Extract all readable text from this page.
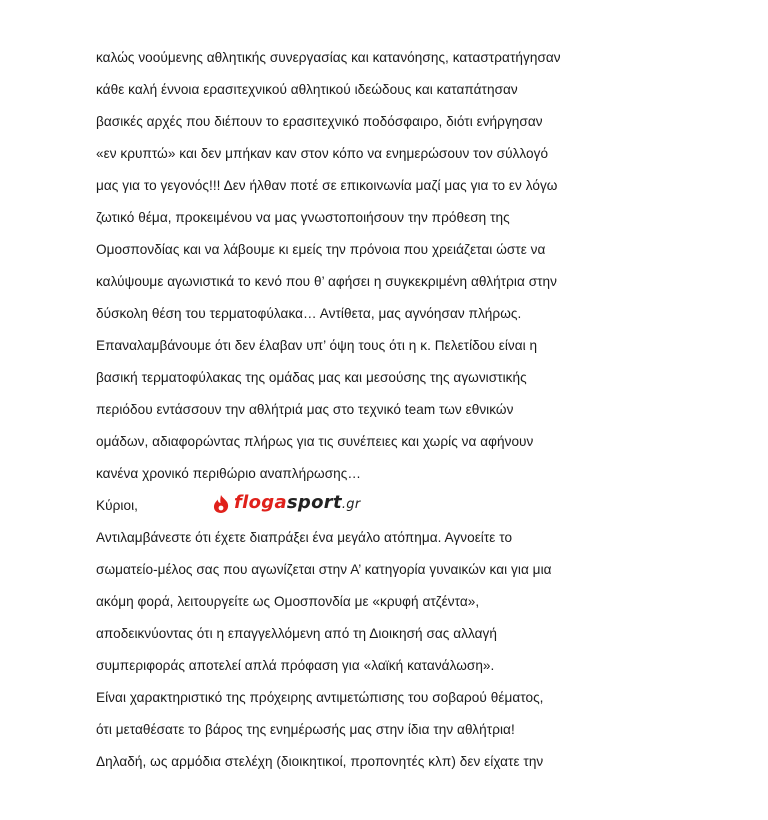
καλώς νοούμενης αθλητικής συνεργασίας και κατανόησης, καταστρατήγησαν
κάθε καλή έννοια ερασιτεχνικού αθλητικού ιδεώδους και καταπάτησαν
βασικές αρχές που διέπουν το ερασιτεχνικό ποδόσφαιρο, διότι ενήργησαν
«εν κρυπτώ» και δεν μπήκαν καν στον κόπο να ενημερώσουν τον σύλλογό
μας για το γεγονός!!! Δεν ήλθαν ποτέ σε επικοινωνία μαζί μας για το εν λόγω
ζωτικό θέμα, προκειμένου να μας γνωστοποιήσουν την πρόθεση της
Ομοσπονδίας και να λάβουμε κι εμείς την πρόνοια που χρειάζεται ώστε να
καλύψουμε αγωνιστικά το κενό που θ’ αφήσει η συγκεκριμένη αθλήτρια στην
δύσκολη θέση του τερματοφύλακα… Αντίθετα, μας αγνόησαν πλήρως.
Επαναλαμβάνουμε ότι δεν έλαβαν υπ’ όψη τους ότι η κ. Πελετίδου είναι η
βασική τερματοφύλακας της ομάδας μας και μεσούσης της αγωνιστικής
περιόδου εντάσσουν την αθλήτριά μας στο τεχνικό team των εθνικών
ομάδων, αδιαφορώντας πλήρως για τις συνέπειες και χωρίς να αφήνουν
κανένα χρονικό περιθώριο αναπλήρωσης…
Κύριοι,	flogasport.gr
Αντιλαμβάνεστε ότι έχετε διαπράξει ένα μεγάλο ατόπημα. Αγνοείτε το
σωματείο-μέλος σας που αγωνίζεται στην Α’ κατηγορία γυναικών και για μια
ακόμη φορά, λειτουργείτε ως Ομοσπονδία με «κρυφή ατζέντα»,
αποδεικνύοντας ότι η επαγγελλόμενη από τη Διοικησή σας αλλαγή
συμπεριφοράς αποτελεί απλά πρόφαση για «λαϊκή κατανάλωση».
Είναι χαρακτηριστικό της πρόχειρης αντιμετώπισης του σοβαρού θέματος,
ότι μεταθέσατε το βάρος της ενημέρωσής μας στην ίδια την αθλήτρια!
Δηλαδή, ως αρμόδια στελέχη (διοικητικοί, προπονητές κλπ) δεν είχατε την
